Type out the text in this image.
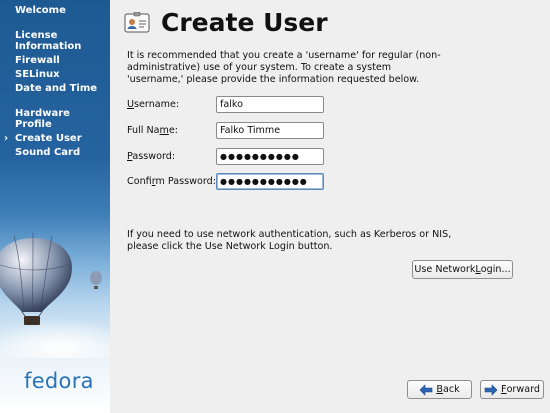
Welcome

License
Information

Firewall
SELinux
Date and Time

Hardware
Profile

› Create User
Sound Card
fedora
Create User
It is recommended that you create a 'username' for regular (non-administrative) use of your system. To create a system 'username,' please provide the information requested below.
Username:	falko
Full Name:	Falko Timme
Password:	●●●●●●●●●●
Confirm Password: ●●●●●●●●●●●
If you need to use network authentication, such as Kerberos or NIS, please click the Use Network Login button.
Use Network L ogin...
B ack	F orward
